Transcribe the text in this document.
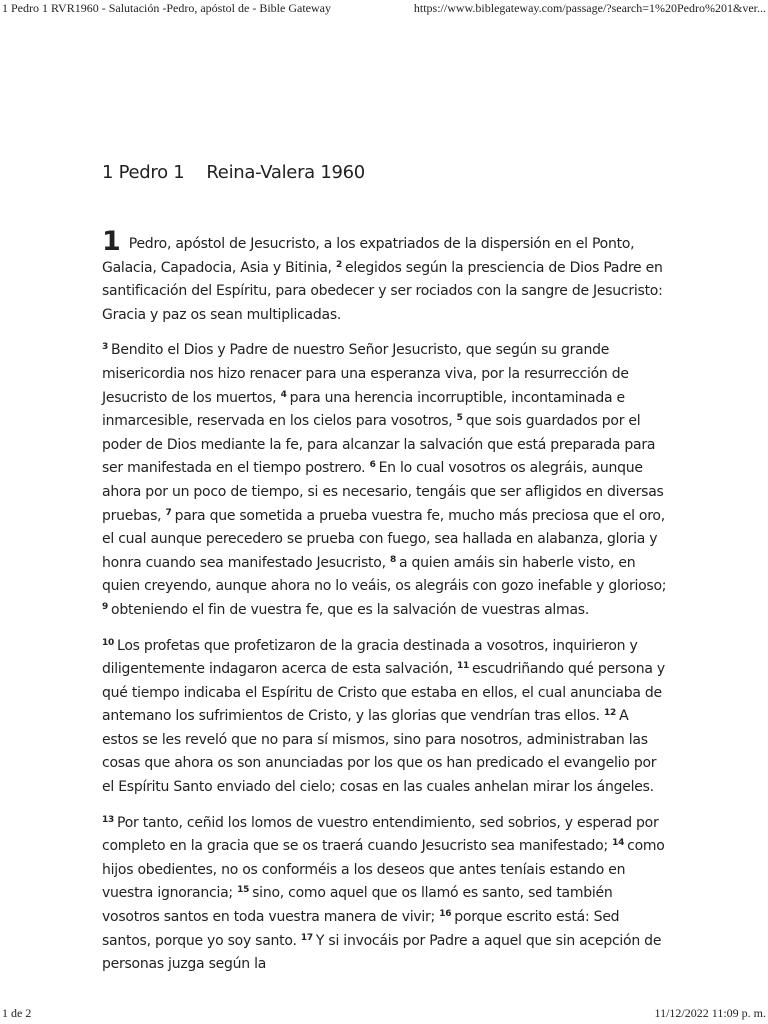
1 Pedro 1 RVR1960 - Salutación -Pedro, apóstol de - Bible Gateway	https://www.biblegateway.com/passage/?search=1%20Pedro%201&ver...
1 Pedro 1 Reina-Valera 1960

1 Pedro, apóstol de Jesucristo, a los expatriados de la dispersión en el Ponto, Galacia, Capadocia, Asia y Bitinia, $^2$ elegidos según la presciencia de Dios Padre en santificación del Espíritu, para obedecer y ser rociados con la sangre de Jesucristo: Gracia y paz os sean multiplicadas.

$^3$ Bendito el Dios y Padre de nuestro Señor Jesucristo, que según su grande misericordia nos hizo renacer para una esperanza viva, por la resurrección de Jesucristo de los muertos, $^4$ para una herencia incorruptible, incontaminada e inmarcesible, reservada en los cielos para vosotros, $^5$ que sois guardados por el poder de Dios mediante la fe, para alcanzar la salvación que está preparada para ser manifestada en el tiempo postrero. $^6$ En lo cual vosotros os alegráis, aunque ahora por un poco de tiempo, si es necesario, tengáis que ser afligidos en diversas pruebas, $^7$ para que sometida a prueba vuestra fe, mucho más preciosa que el oro, el cual aunque perecedero se prueba con fuego, sea hallada en alabanza, gloria y honra cuando sea manifestado Jesucristo, $^8$ a quien amáis sin haberle visto, en quien creyendo, aunque ahora no lo veáis, os alegráis con gozo inefable y glorioso; $^9$ obteniendo el fin de vuestra fe, que es la salvación de vuestras almas.

$^{10}$ Los profetas que profetizaron de la gracia destinada a vosotros, inquirieron y diligentemente indagaron acerca de esta salvación, $^{11}$ escudriñando qué persona y qué tiempo indicaba el Espíritu de Cristo que estaba en ellos, el cual anunciaba de antemano los sufrimientos de Cristo, y las glorias que vendrían tras ellos. $^{12}$ A estos se les reveló que no para sí mismos, sino para nosotros, administraban las cosas que ahora os son anunciadas por los que os han predicado el evangelio por el Espíritu Santo enviado del cielo; cosas en las cuales anhelan mirar los ángeles.

$^{13}$ Por tanto, ceñid los lomos de vuestro entendimiento, sed sobrios, y esperad por completo en la gracia que se os traerá cuando Jesucristo sea manifestado; $^{14}$ como hijos obedientes, no os conforméis a los deseos que antes teníais estando en vuestra ignorancia; $^{15}$ sino, como aquel que os llamó es santo, sed también vosotros santos en toda vuestra manera de vivir; $^{16}$ porque escrito está: Sed santos, porque yo soy santo. $^{17}$ Y si invocáis por Padre a aquel que sin acepción de personas juzga según la

1 de 2	11/12/2022 11:09 p. m.
